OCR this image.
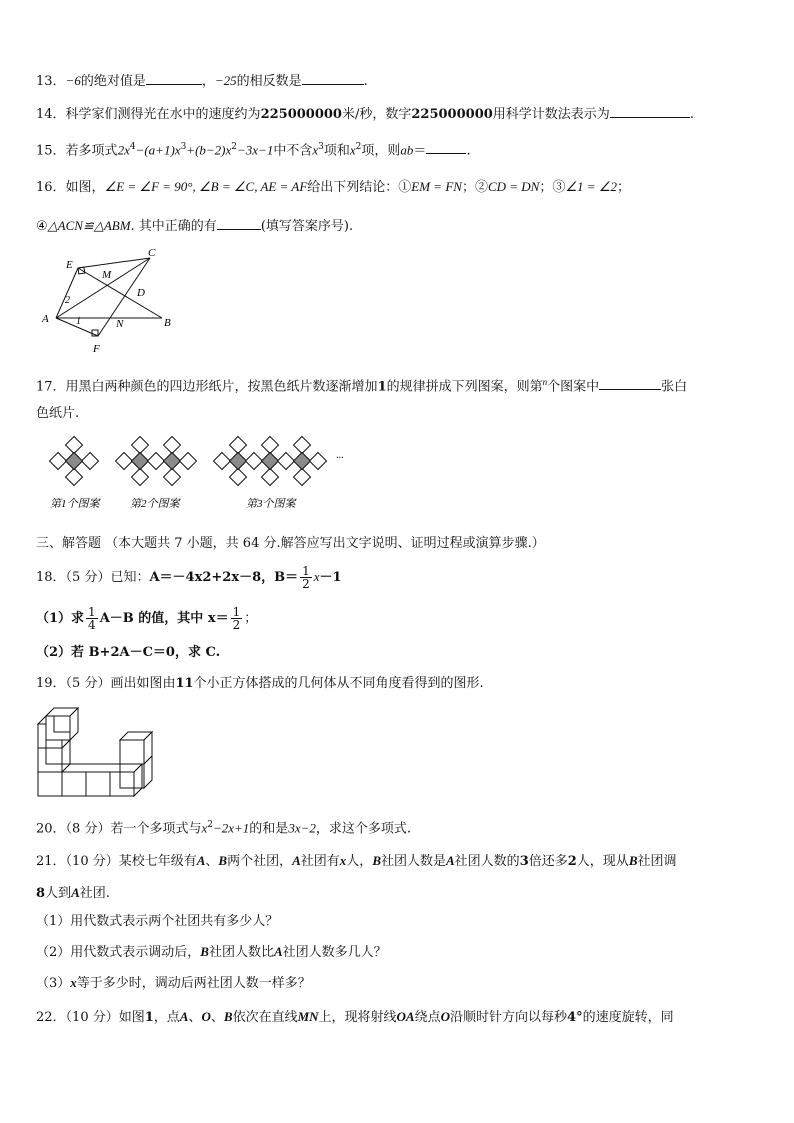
13．−6的绝对值是	，−25的相反数是	.
14．科学家们测得光在水中的速度约为225000000米/秒，数字225000000用科学计数法表示为	.
15．若多项式$2x^4-(a+1)x^3+(b-2)x^2-3x-1$中不含$x^3$项和$x^2$项，则ab＝	.
16．如图，∠E = ∠F = 90°, ∠B = ∠C, AE = AF给出下列结论：①EM = FN；②CD = DN；③∠1 = ∠2；
④△ACN≌△ABM. 其中正确的有	(填写答案序号).
E
M
C
D
A	N	B
F
1
2
17．用黑白两种颜色的四边形纸片，按黑色纸片数逐渐增加1的规律拼成下列图案，则第$^n$个图案中	张白
色纸片.
···
第1个图案	第2个图案	第3个图案
三、解答题 （本大题共 7 小题，共 64 分.解答应写出文字说明、证明过程或演算步骤.）
18．（5 分）已知：A＝－4x2+2x－8，$B= \frac{1}{2} x-1$
（1）求 $\frac{1}{4} A-B$ 的值，其中 $x= \frac{1}{2}$ ；
（2）若 B+2A－C＝0，求 C.
19．（5 分）画出如图由11个小正方体搭成的几何体从不同角度看得到的图形.
20．（8 分）若一个多项式与$x^2-2x+1$的和是3x−2，求这个多项式.
21．（10 分）某校七年级有A、B两个社团，A社团有x人，B社团人数是A社团人数的3倍还多2人，现从B社团调
8人到A社团.
（1）用代数式表示两个社团共有多少人？
（2）用代数式表示调动后，B社团人数比A社团人数多几人？
（3）x等于多少时，调动后两社团人数一样多？
22．（10 分）如图1，点A、O、B依次在直线MN上，现将射线OA绕点O沿顺时针方向以每秒4°的速度旋转，同
